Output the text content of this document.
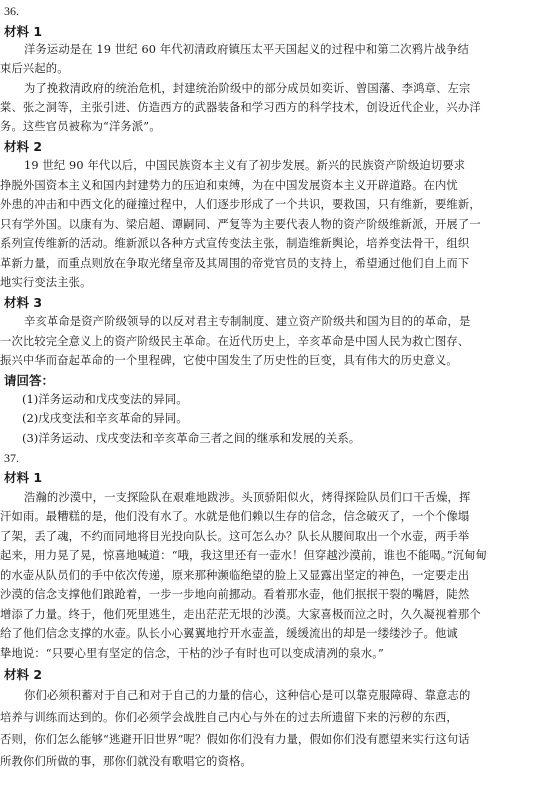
36.
材料 1
洋务运动是在 19 世纪 60 年代初清政府镇压太平天国起义的过程中和第二次鸦片战争结
束后兴起的。
为了挽救清政府的统治危机，封建统治阶级中的部分成员如奕䜣、曾国藩、李鸿章、左宗
棠、张之洞等，主张引进、仿造西方的武器装备和学习西方的科学技术，创设近代企业，兴办洋
务。这些官员被称为“洋务派”。
材料 2
19 世纪 90 年代以后，中国民族资本主义有了初步发展。新兴的民族资产阶级迫切要求
挣脱外国资本主义和国内封建势力的压迫和束缚，为在中国发展资本主义开辟道路。在内忧
外患的冲击和中西文化的碰撞过程中，人们逐步形成了一个共识，要救国，只有维新，要维新，
只有学外国。以康有为、梁启超、谭嗣同、严复等为主要代表人物的资产阶级维新派，开展了一
系列宣传维新的活动。维新派以各种方式宣传变法主张，制造维新舆论，培养变法骨干，组织
革新力量，而重点则放在争取光绪皇帝及其周围的帝党官员的支持上，希望通过他们自上而下
地实行变法主张。
材料 3
辛亥革命是资产阶级领导的以反对君主专制制度、建立资产阶级共和国为目的的革命，是
一次比较完全意义上的资产阶级民主革命。在近代历史上，辛亥革命是中国人民为救亡图存、
振兴中华而奋起革命的一个里程碑，它使中国发生了历史性的巨变，具有伟大的历史意义。
请回答：
(1)洋务运动和戊戌变法的异同。
(2)戊戌变法和辛亥革命的异同。
(3)洋务运动、戊戌变法和辛亥革命三者之间的继承和发展的关系。
37.
材料 1
浩瀚的沙漠中，一支探险队在艰难地跋涉。头顶骄阳似火，烤得探险队员们口干舌燥，挥
汗如雨。最糟糕的是，他们没有水了。水就是他们赖以生存的信念，信念破灭了，一个个像塌
了架，丢了魂，不约而同地将目光投向队长。这可怎么办？队长从腰间取出一个水壶，两手举
起来，用力晃了晃，惊喜地喊道：“哦，我这里还有一壶水！但穿越沙漠前，谁也不能喝。”沉甸甸
的水壶从队员们的手中依次传递，原来那种濒临绝望的脸上又显露出坚定的神色，一定要走出
沙漠的信念支撑他们踉跄着，一步一步地向前挪动。看着那水壶，他们抿抿干裂的嘴唇，陡然
增添了力量。终于，他们死里逃生，走出茫茫无垠的沙漠。大家喜极而泣之时，久久凝视着那个
给了他们信念支撑的水壶。队长小心翼翼地拧开水壶盖，缓缓流出的却是一缕缕沙子。他诚
挚地说：“只要心里有坚定的信念，干枯的沙子有时也可以变成清冽的泉水。”
材料 2
你们必须积蓄对于自己和对于自己的力量的信心，这种信心是可以靠克服障碍、靠意志的
培养与训练而达到的。你们必须学会战胜自己内心与外在的过去所遗留下来的污秽的东西，
否则，你们怎么能够“逃避开旧世界”呢？假如你们没有力量，假如你们没有愿望来实行这句话
所教你们所做的事，那你们就没有歌唱它的资格。
